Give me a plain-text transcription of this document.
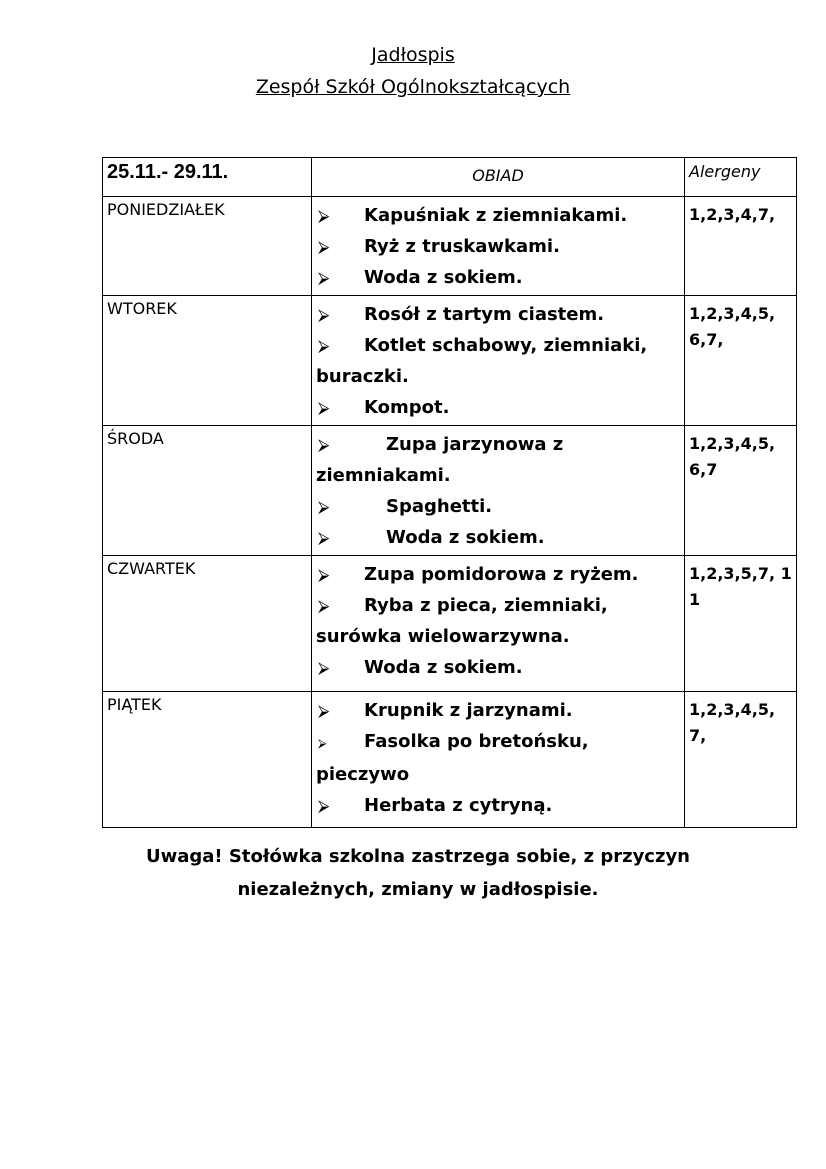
Jadłospis
Zespół Szkół Ogólnokształcących
25.11.- 29.11.	OBIAD	Alergeny
PONIEDZIAŁEK	⮚ Kapuśniak z ziemniakami.
⮚ Ryż z truskawkami.
⮚ Woda z sokiem.	1,2,3,4,7,
WTOREK	⮚ Rosół z tartym ciastem.
⮚ Kotlet schabowy, ziemniaki,
buraczki.
⮚ Kompot.	1,2,3,4,5, 6,7,
ŚRODA	⮚ Zupa jarzynowa z
ziemniakami.
⮚ Spaghetti.
⮚ Woda z sokiem.	1,2,3,4,5, 6,7
CZWARTEK	⮚ Zupa pomidorowa z ryżem.
⮚ Ryba z pieca, ziemniaki,
surówka wielowarzywna.
⮚ Woda z sokiem.	1,2,3,5,7, 11
PIĄTEK	⮚ Krupnik z jarzynami.
⮚ Fasolka po bretońsku,
pieczywo
⮚ Herbata z cytryną.	1,2,3,4,5, 7,
Uwaga! Stołówka szkolna zastrzega sobie, z przyczyn
niezależnych, zmiany w jadłospisie.
